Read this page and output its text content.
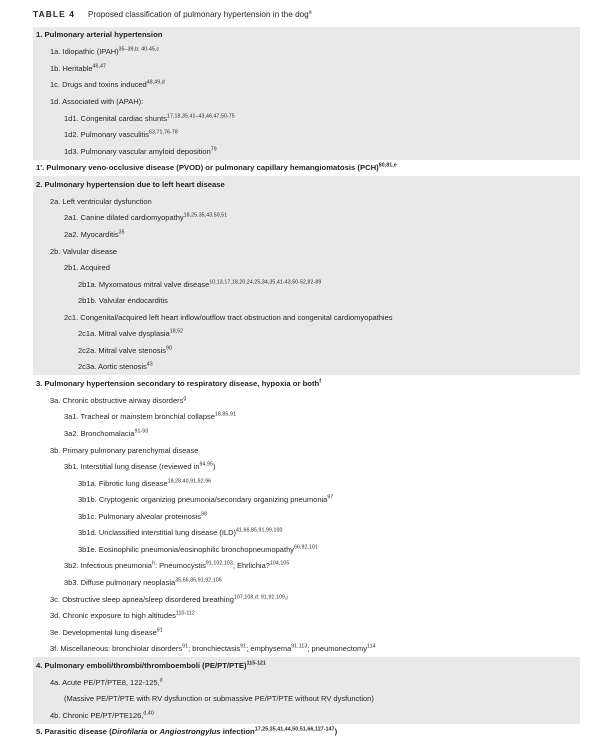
TABLE 4 Proposed classification of pulmonary hypertension in the dog$^a$
1. Pulmonary arterial hypertension
1a. Idiopathic (IPAH)$^{35-39,b; 40-45,c}$
1b. Heritable$^{46,47}$
1c. Drugs and toxins induced$^{48,49,d}$
1d. Associated with (APAH):
1d1. Congenital cardiac shunts$^{17,18,35,41-43,46,47,50-75}$
1d2. Pulmonary vasculitis$^{63,71,76-78}$
1d3. Pulmonary vascular amyloid deposition$^{79}$
1'. Pulmonary veno-occlusive disease (PVOD) or pulmonary capillary hemangiomatosis (PCH)$^{80,81,e}$
2. Pulmonary hypertension due to left heart disease
2a. Left ventricular dysfunction
2a1. Canine dilated cardiomyopathy$^{18,25,35,43,50,51}$
2a2. Myocarditis$^{35}$
2b. Valvular disease
2b1. Acquired
2b1a. Myxomatous mitral valve disease$^{10,13,17,18,20,24,25,34,35,41-43,50-52,82-89}$
2b1b. Valvular endocarditis
2c1. Congenital/acquired left heart inflow/outflow tract obstruction and congenital cardiomyopathies
2c1a. Mitral valve dysplasia$^{18,52}$
2c2a. Mitral valve stenosis$^{90}$
2c3a. Aortic stenosis$^{43}$
3. Pulmonary hypertension secondary to respiratory disease, hypoxia or both$^f$
3a. Chronic obstructive airway disorders$^g$
3a1. Tracheal or mainstem bronchial collapse$^{18,85,91}$
3a2. Bronchomalacia$^{91-93}$
3b. Primary pulmonary parenchymal disease
3b1. Interstitial lung disease (reviewed in$^{94,95}$)
3b1a. Fibrotic lung disease$^{18,28,40,91,92,96}$
3b1b. Cryptogenic organizing pneumonia/secondary organizing pneumonia$^{97}$
3b1c. Pulmonary alveolar proteinosis$^{98}$
3b1d. Unclassified interstitial lung disease (ILD)$^{41,66,85,91,99,100}$
3b1e. Eosinophilic pneumonia/eosinophilic bronchopneumopathy$^{66,92,101}$
3b2. Infectious pneumonia$^h$: Pneumocystis$^{91,102,103}$; Ehrlichia?$^{104,105}$
3b3. Diffuse pulmonary neoplasia$^{35,66,85,91,92,106}$
3c. Obstructive sleep apnea/sleep disordered breathing$^{107,108,d; 91,92,109,j}$
3d. Chronic exposure to high altitudes$^{110-112}$
3e. Developmental lung disease$^{91}$
3f. Miscellaneous: bronchiolar disorders$^{91}$; bronchiectasis$^{91}$; emphysema$^{91,113}$; pneumonectomy$^{114}$
4. Pulmonary emboli/thrombi/thromboemboli $(PE/PT/PTE)^{115-121}$
4a. Acute PE/PT/PTE8, 122-125,$^d$
(Massive PE/PT/PTE with RV dysfunction or submassive PE/PT/PTE without RV dysfunction)
4b. Chronic PE/PT/PTE126,$^{d,40}$
5. Parasitic disease (Dirofilaria or Angiostrongylus infection$^{17,25,35,41,44,50,51,66,127-147}$)
